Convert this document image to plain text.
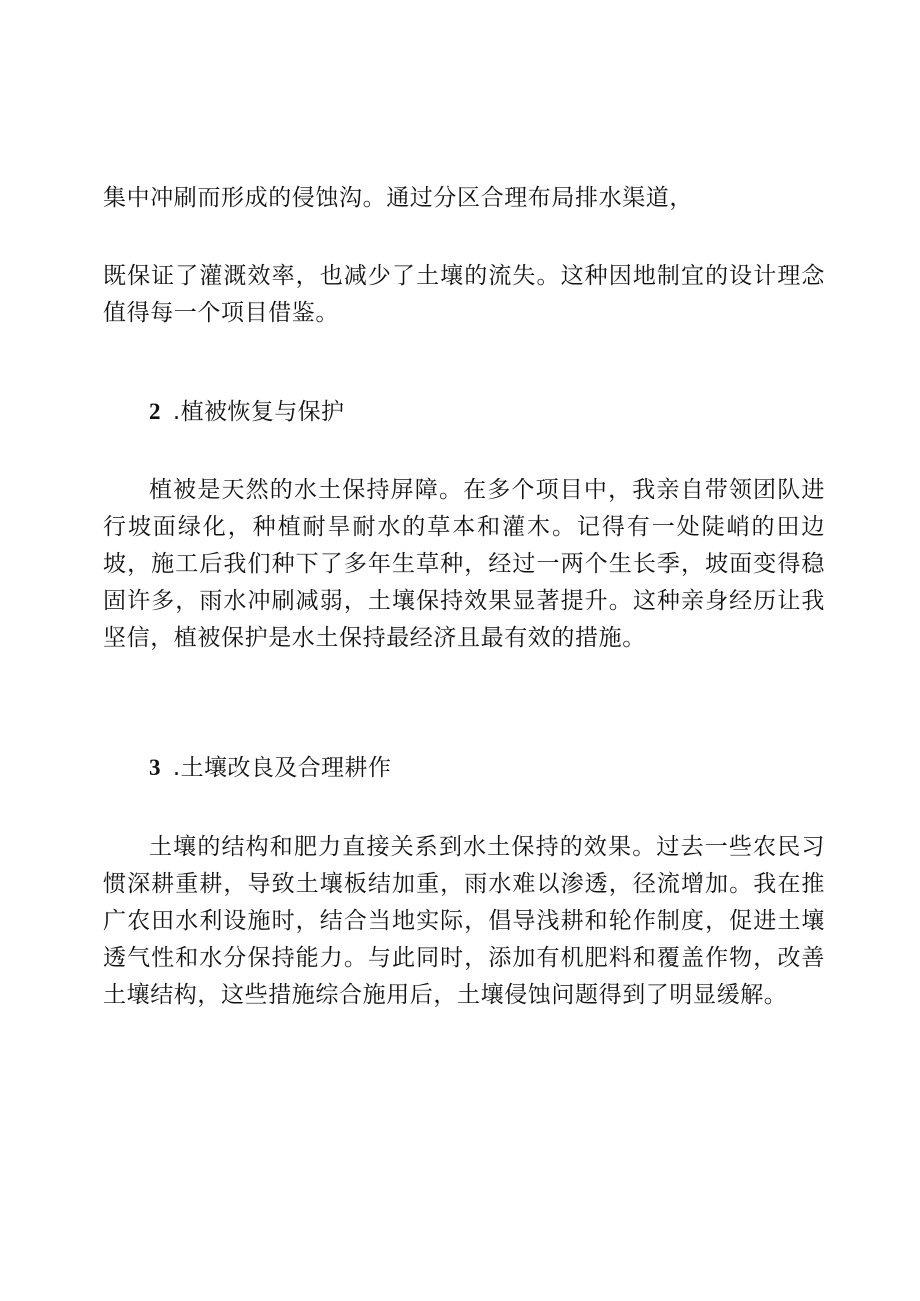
集中冲刷而形成的侵蚀沟。通过分区合理布局排水渠道，
既保证了灌溉效率，也减少了土壤的流失。这种因地制宜的设计理念值得每一个项目借鉴。
2 .植被恢复与保护
植被是天然的水土保持屏障。在多个项目中，我亲自带领团队进行坡面绿化，种植耐旱耐水的草本和灌木。记得有一处陡峭的田边坡，施工后我们种下了多年生草种，经过一两个生长季，坡面变得稳固许多，雨水冲刷减弱，土壤保持效果显著提升。这种亲身经历让我坚信，植被保护是水土保持最经济且最有效的措施。
3 .土壤改良及合理耕作
土壤的结构和肥力直接关系到水土保持的效果。过去一些农民习惯深耕重耕，导致土壤板结加重，雨水难以渗透，径流增加。我在推广农田水利设施时，结合当地实际，倡导浅耕和轮作制度，促进土壤透气性和水分保持能力。与此同时，添加有机肥料和覆盖作物，改善土壤结构，这些措施综合施用后，土壤侵蚀问题得到了明显缓解。
